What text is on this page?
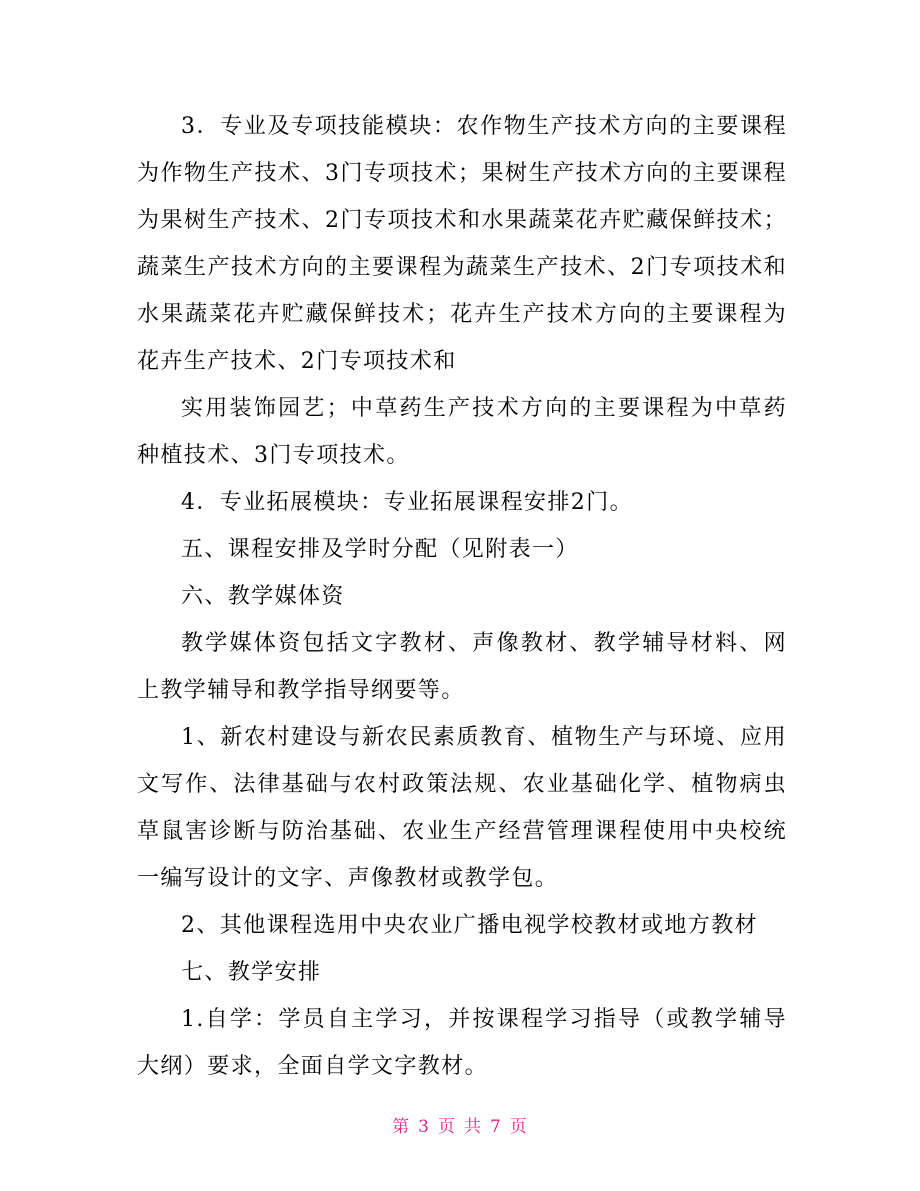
3．专业及专项技能模块：农作物生产技术方向的主要课程为作物生产技术、3门专项技术；果树生产技术方向的主要课程为果树生产技术、2门专项技术和水果蔬菜花卉贮藏保鲜技术；蔬菜生产技术方向的主要课程为蔬菜生产技术、2门专项技术和水果蔬菜花卉贮藏保鲜技术；花卉生产技术方向的主要课程为花卉生产技术、2门专项技术和

实用装饰园艺；中草药生产技术方向的主要课程为中草药种植技术、3门专项技术。

4．专业拓展模块：专业拓展课程安排2门。

五、课程安排及学时分配（见附表一）

六、教学媒体资

教学媒体资包括文字教材、声像教材、教学辅导材料、网上教学辅导和教学指导纲要等。

1、新农村建设与新农民素质教育、植物生产与环境、应用文写作、法律基础与农村政策法规、农业基础化学、植物病虫草鼠害诊断与防治基础、农业生产经营管理课程使用中央校统一编写设计的文字、声像教材或教学包。

2、其他课程选用中央农业广播电视学校教材或地方教材

七、教学安排

1.自学：学员自主学习，并按课程学习指导（或教学辅导大纲）要求，全面自学文字教材。

第 3 页 共 7 页
